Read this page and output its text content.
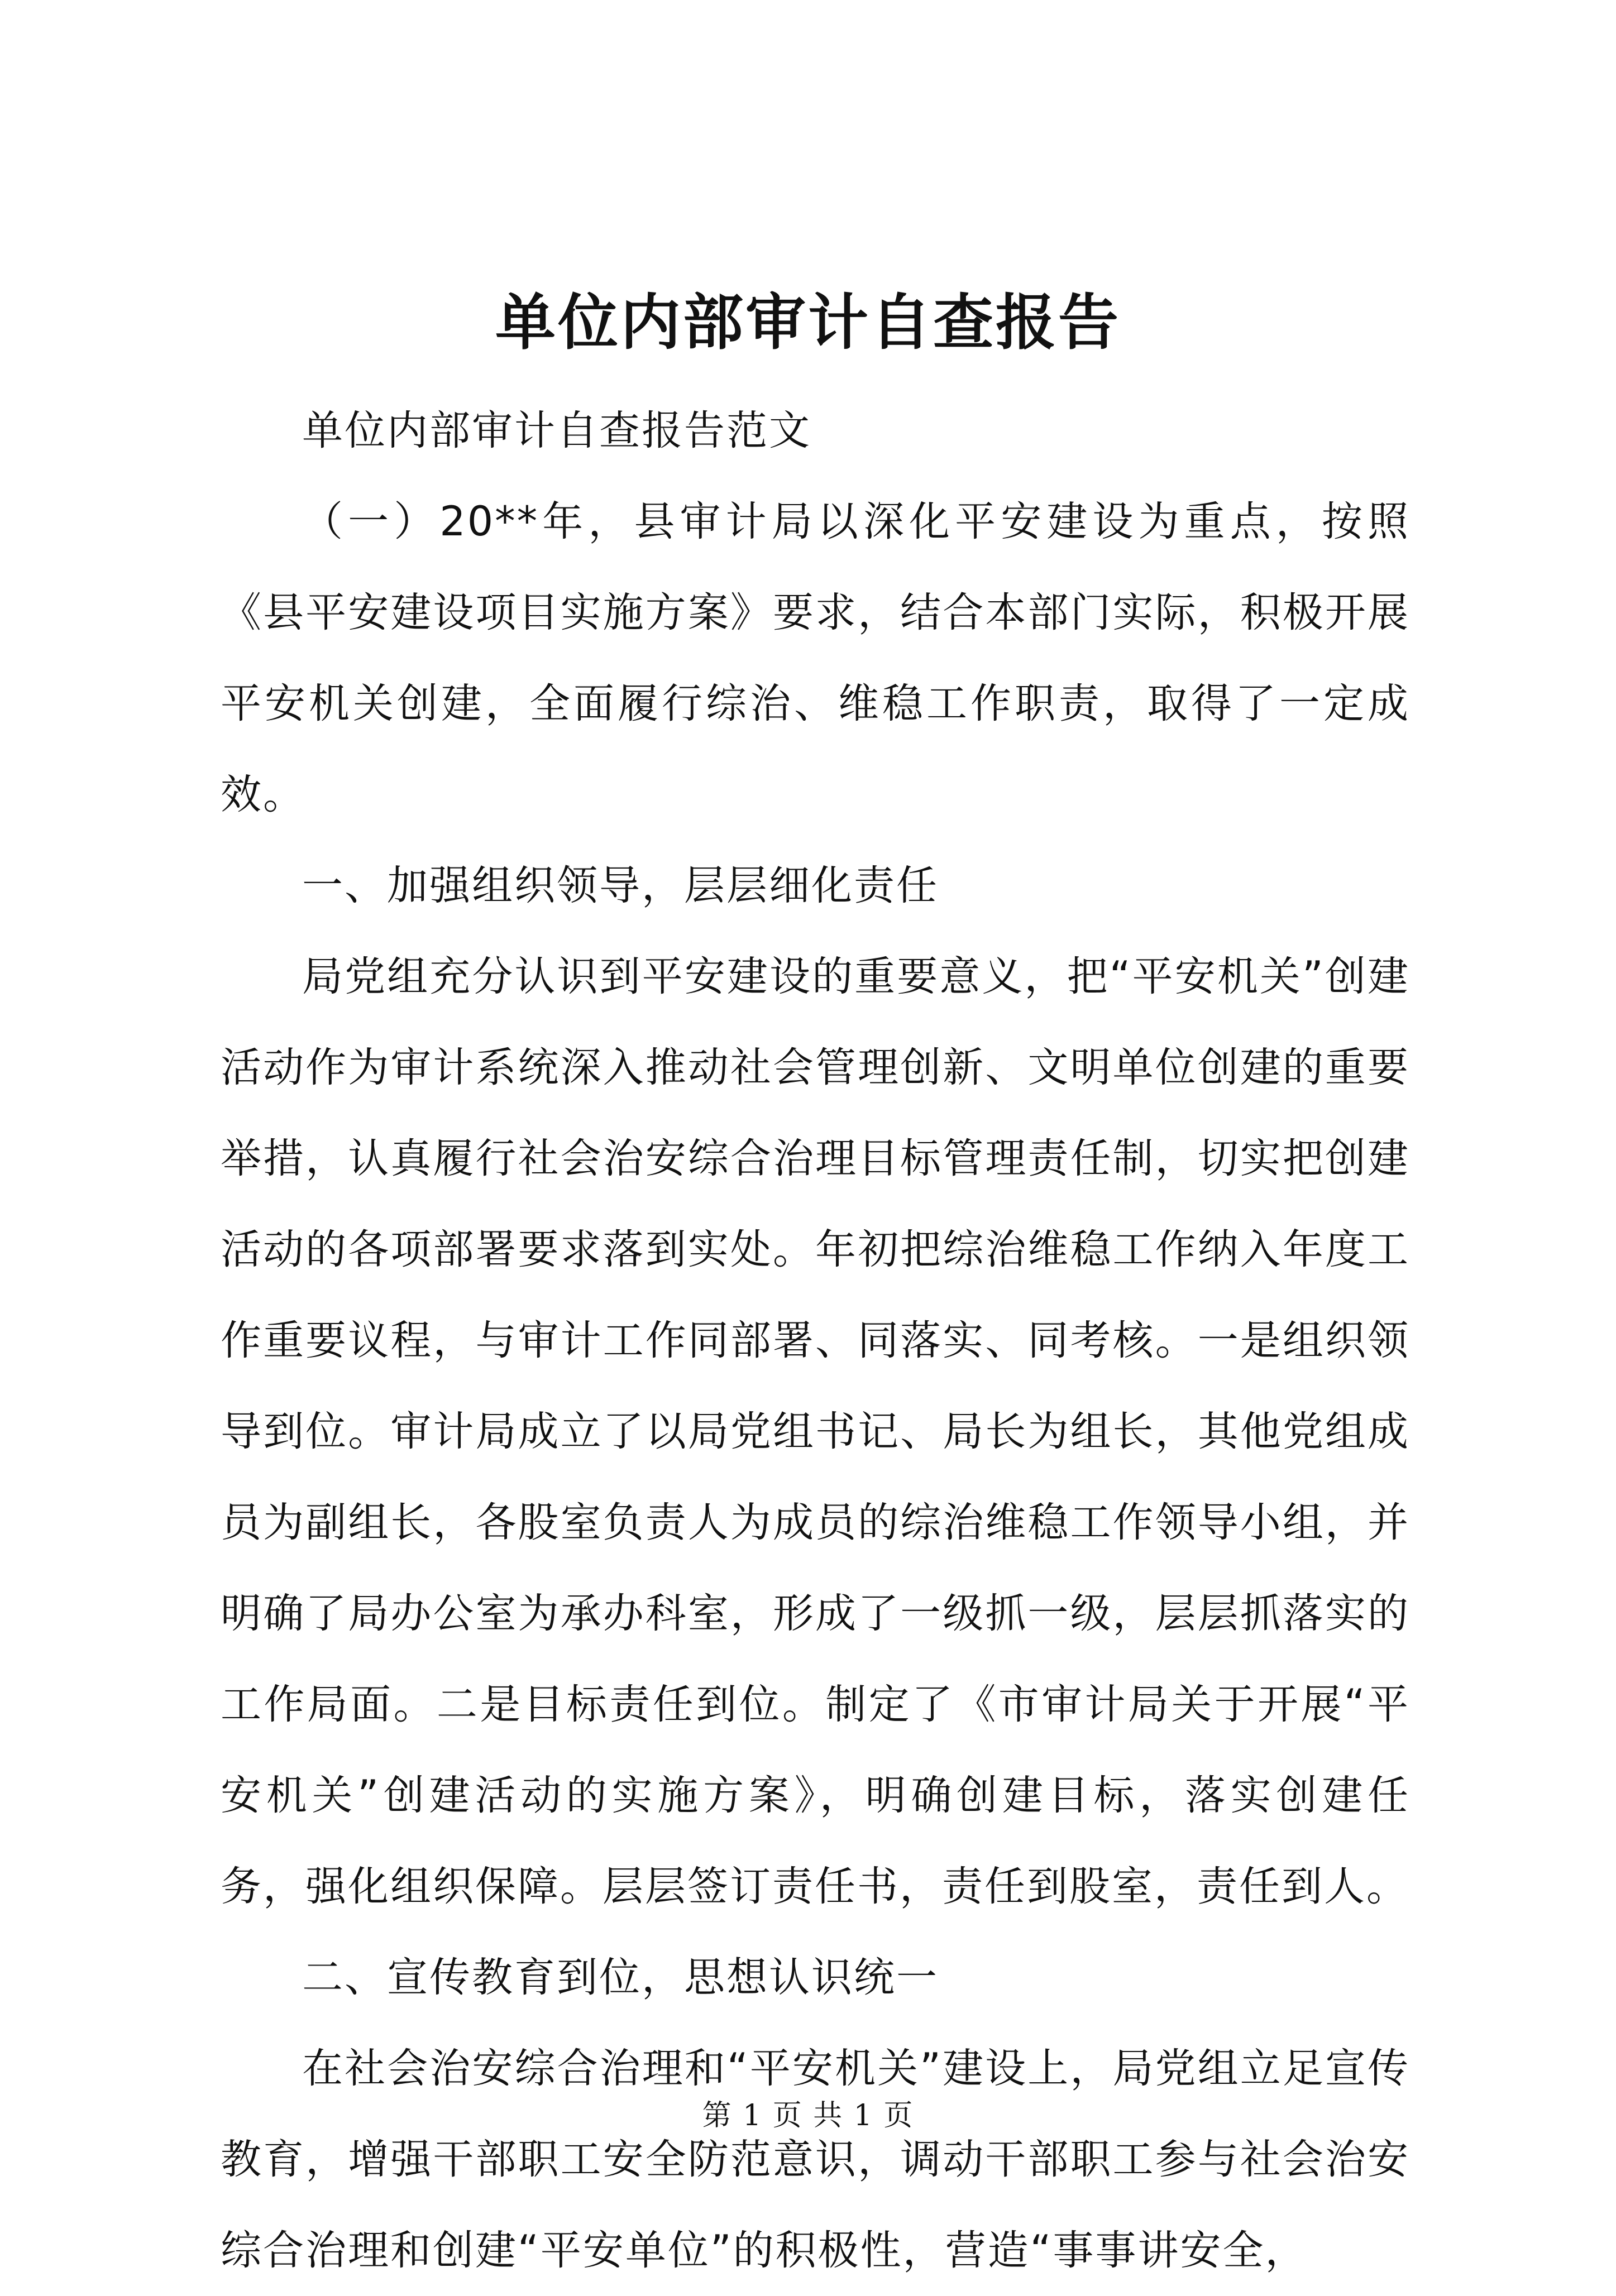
单位内部审计自查报告

单位内部审计自查报告范文

（一）20**年，县审计局以深化平安建设为重点，按照《县平安建设项目实施方案》要求，结合本部门实际，积极开展平安机关创建，全面履行综治、维稳工作职责，取得了一定成效。

一、加强组织领导，层层细化责任

局党组充分认识到平安建设的重要意义，把“平安机关”创建活动作为审计系统深入推动社会管理创新、文明单位创建的重要举措，认真履行社会治安综合治理目标管理责任制，切实把创建活动的各项部署要求落到实处。年初把综治维稳工作纳入年度工作重要议程，与审计工作同部署、同落实、同考核。一是组织领导到位。审计局成立了以局党组书记、局长为组长，其他党组成员为副组长，各股室负责人为成员的综治维稳工作领导小组，并明确了局办公室为承办科室，形成了一级抓一级，层层抓落实的工作局面。二是目标责任到位。制定了《市审计局关于开展“平安机关”创建活动的实施方案》，明确创建目标，落实创建任务，强化组织保障。层层签订责任书，责任到股室，责任到人。

二、宣传教育到位，思想认识统一

在社会治安综合治理和“平安机关”建设上，局党组立足宣传教育，增强干部职工安全防范意识，调动干部职工参与社会治安综合治理和创建“平安单位”的积极性，营造“事事讲安全，

第 1 页 共 1 页
